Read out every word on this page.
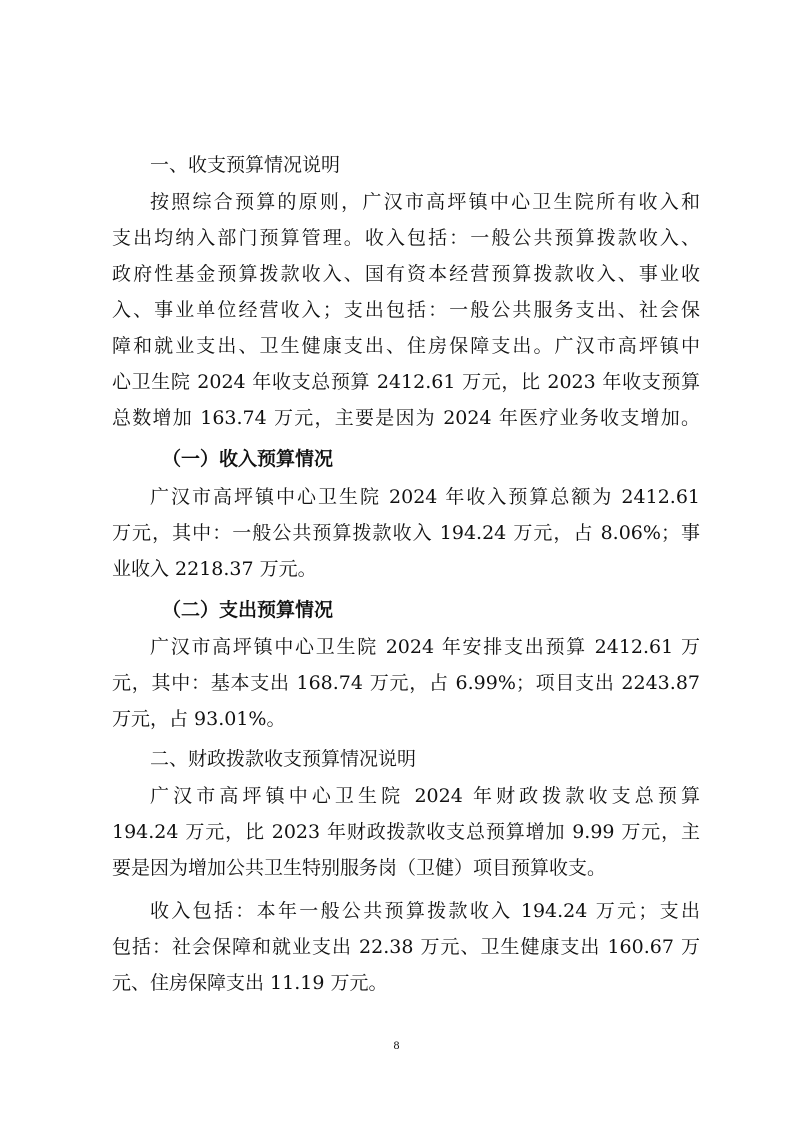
一、收支预算情况说明
按照综合预算的原则，广汉市高坪镇中心卫生院所有收入和
支出均纳入部门预算管理。收入包括：一般公共预算拨款收入、
政府性基金预算拨款收入、国有资本经营预算拨款收入、事业收
入、事业单位经营收入；支出包括：一般公共服务支出、社会保
障和就业支出、卫生健康支出、住房保障支出。广汉市高坪镇中
心卫生院 2024 年收支总预算 2412.61 万元，比 2023 年收支预算
总数增加 163.74 万元，主要是因为 2024 年医疗业务收支增加。
（一）收入预算情况
广汉市高坪镇中心卫生院 2024 年收入预算总额为 2412.61
万元，其中：一般公共预算拨款收入 194.24 万元，占 8.06%；事
业收入 2218.37 万元。
（二）支出预算情况
广汉市高坪镇中心卫生院 2024 年安排支出预算 2412.61 万
元，其中：基本支出 168.74 万元，占 6.99%；项目支出 2243.87
万元，占 93.01%。
二、财政拨款收支预算情况说明
广汉市高坪镇中心卫生院 2024 年财政拨款收支总预算
194.24 万元，比 2023 年财政拨款收支总预算增加 9.99 万元，主
要是因为增加公共卫生特别服务岗（卫健）项目预算收支。
收入包括：本年一般公共预算拨款收入 194.24 万元；支出
包括：社会保障和就业支出 22.38 万元、卫生健康支出 160.67 万
元、住房保障支出 11.19 万元。
8
